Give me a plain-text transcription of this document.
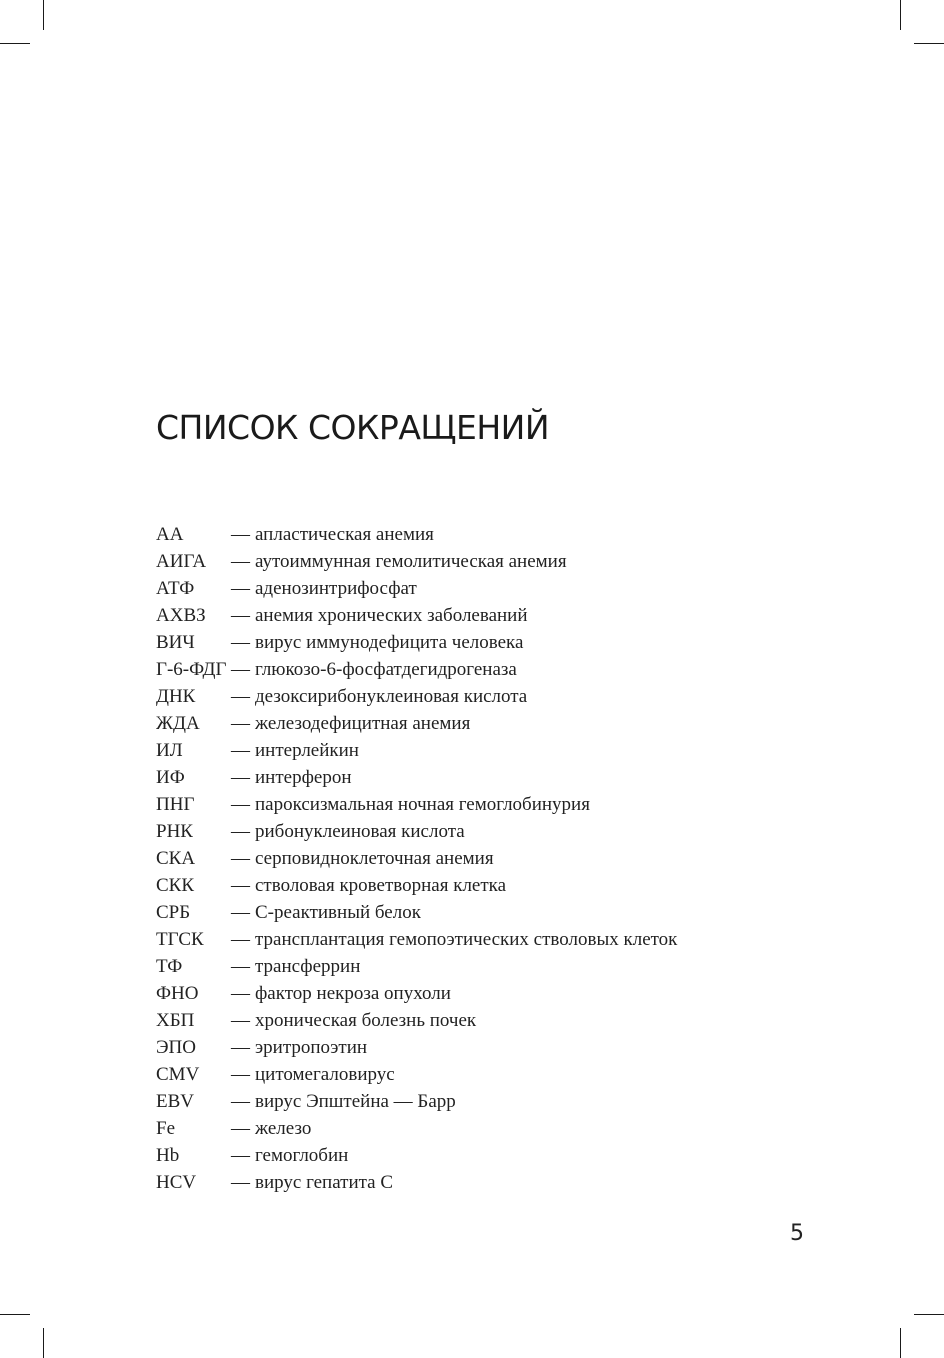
СПИСОК СОКРАЩЕНИЙ
АА	— апластическая анемия
АИГА	— аутоиммунная гемолитическая анемия
АТФ	— аденозинтрифосфат
АХВЗ	— анемия хронических заболеваний
ВИЧ	— вирус иммунодефицита человека
Г-6-ФДГ — глюкозо-6-фосфатдегидрогеназа
ДНК	— дезоксирибонуклеиновая кислота
ЖДА	— железодефицитная анемия
ИЛ	— интерлейкин
ИФ	— интерферон
ПНГ	— пароксизмальная ночная гемоглобинурия
РНК	— рибонуклеиновая кислота
СКА	— серповидноклеточная анемия
СКК	— стволовая кроветворная клетка
СРБ	— С-реактивный белок
ТГСК	— трансплантация гемопоэтических стволовых клеток
ТФ	— трансферрин
ФНО	— фактор некроза опухоли
ХБП	— хроническая болезнь почек
ЭПО	— эритропоэтин
CMV	— цитомегаловирус
EBV	— вирус Эпштейна — Барр
Fe	— железо
Hb	— гемоглобин
HCV	— вирус гепатита С
5
